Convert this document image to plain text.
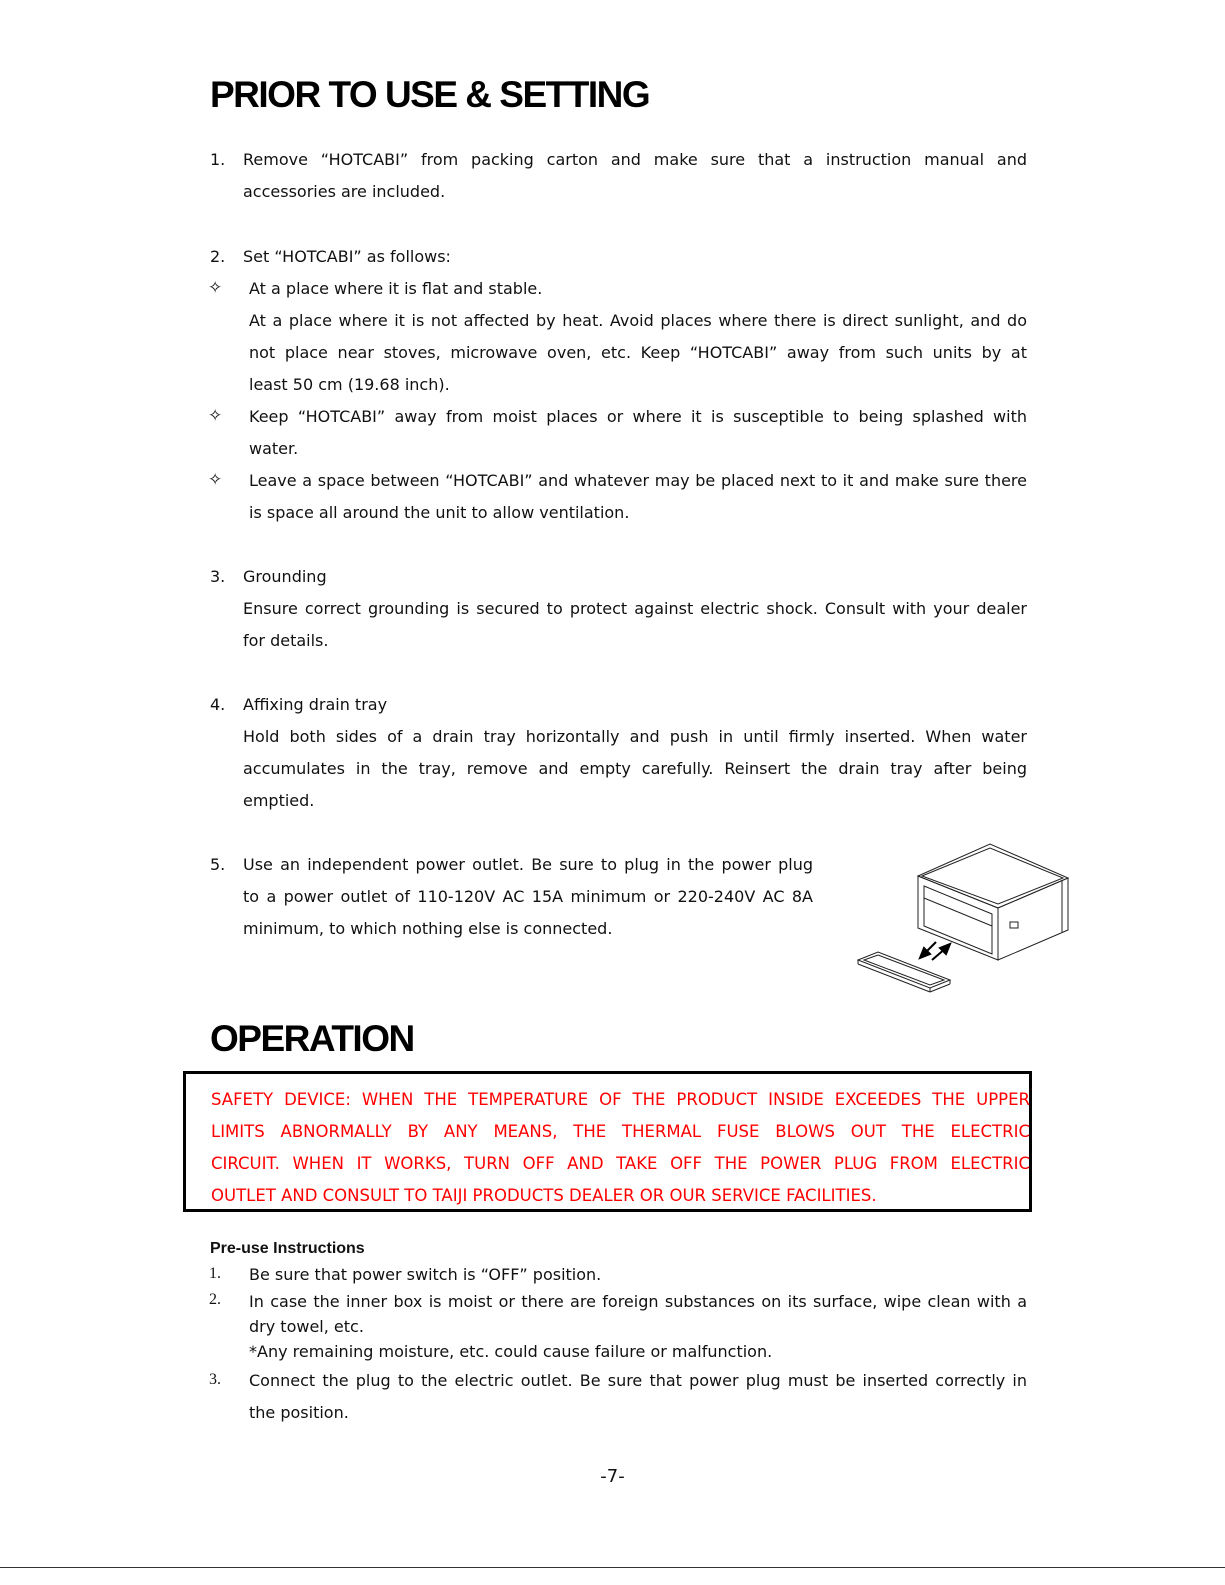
PRIOR TO USE & SETTING
1. Remove “HOTCABI” from packing carton and make sure that a instruction manual and
accessories are included.
2. Set “HOTCABI” as follows:
✧ At a place where it is flat and stable.
At a place where it is not affected by heat. Avoid places where there is direct sunlight, and do
not place near stoves, microwave oven, etc. Keep “HOTCABI” away from such units by at
least 50 cm (19.68 inch).
✧ Keep “HOTCABI” away from moist places or where it is susceptible to being splashed with
water.
✧ Leave a space between “HOTCABI” and whatever may be placed next to it and make sure there
is space all around the unit to allow ventilation.
3. Grounding
Ensure correct grounding is secured to protect against electric shock. Consult with your dealer
for details.
4. Affixing drain tray
Hold both sides of a drain tray horizontally and push in until firmly inserted. When water
accumulates in the tray, remove and empty carefully. Reinsert the drain tray after being
emptied.
5. Use an independent power outlet. Be sure to plug in the power plug
to a power outlet of 110-120V AC 15A minimum or 220-240V AC 8A
minimum, to which nothing else is connected.
OPERATION
SAFETY DEVICE: WHEN THE TEMPERATURE OF THE PRODUCT INSIDE EXCEEDES THE UPPER
LIMITS ABNORMALLY BY ANY MEANS, THE THERMAL FUSE BLOWS OUT THE ELECTRIC
CIRCUIT. WHEN IT WORKS, TURN OFF AND TAKE OFF THE POWER PLUG FROM ELECTRIC
OUTLET AND CONSULT TO TAIJI PRODUCTS DEALER OR OUR SERVICE FACILITIES.
Pre-use Instructions
1. Be sure that power switch is “OFF” position.
2. In case the inner box is moist or there are foreign substances on its surface, wipe clean with a
dry towel, etc.
*Any remaining moisture, etc. could cause failure or malfunction.
3. Connect the plug to the electric outlet. Be sure that power plug must be inserted correctly in
the position.
-7-
